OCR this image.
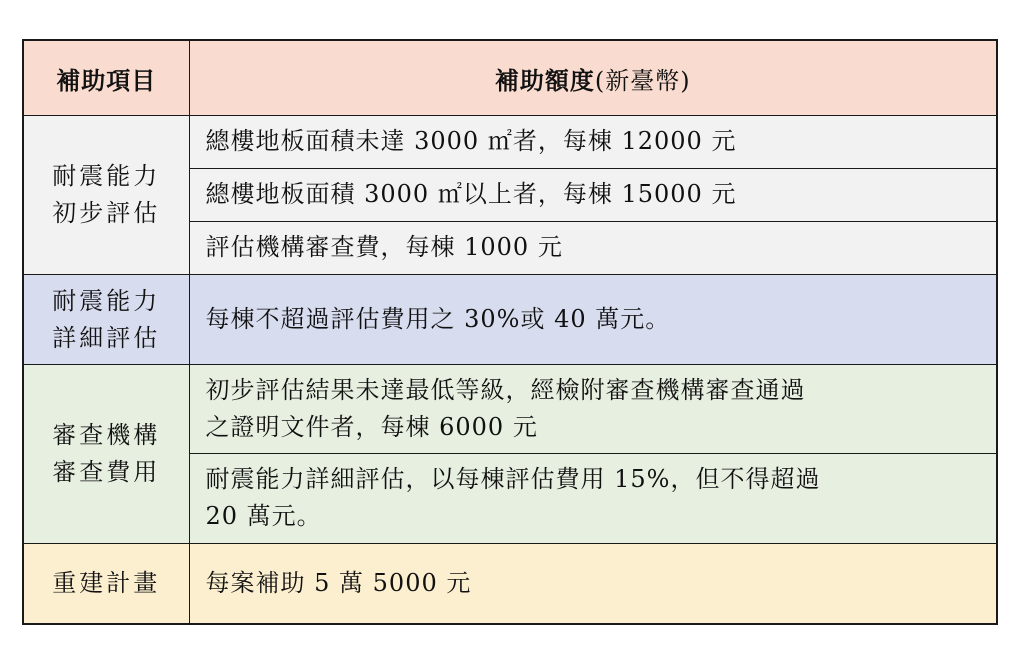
補助項目	補助額度(新臺幣)

耐震能力
初步評估	總樓地板面積未達 3000 ㎡者，每棟 12000 元

	總樓地板面積 3000 ㎡以上者，每棟 15000 元

	評估機構審查費，每棟 1000 元

耐震能力
詳細評估	每棟不超過評估費用之 30%或 40 萬元。

審查機構
審查費用	初步評估結果未達最低等級，經檢附審查機構審查通過
之證明文件者，每棟 6000 元

	耐震能力詳細評估，以每棟評估費用 15%，但不得超過
20 萬元。

重建計畫	每案補助 5 萬 5000 元
